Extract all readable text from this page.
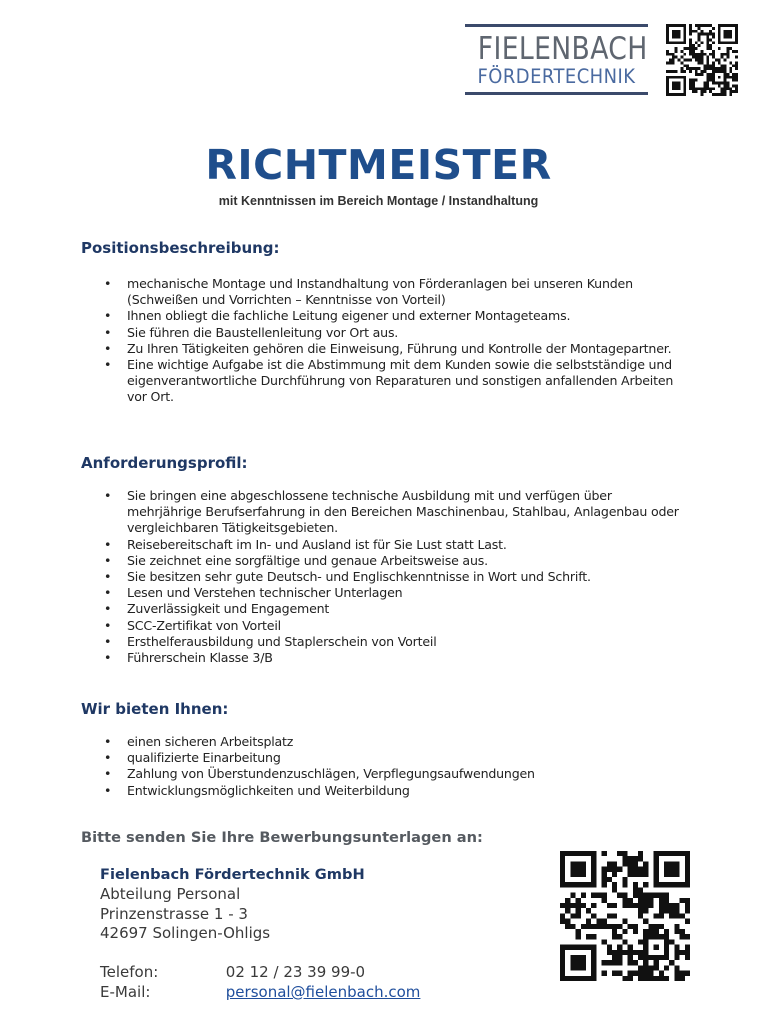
FIELENBACH
FÖRDERTECHNIK
RICHTMEISTER
mit Kenntnissen im Bereich Montage / Instandhaltung
Positionsbeschreibung:
• mechanische Montage und Instandhaltung von Förderanlagen bei unseren Kunden (Schweißen und Vorrichten – Kenntnisse von Vorteil)
• Ihnen obliegt die fachliche Leitung eigener und externer Montageteams.
• Sie führen die Baustellenleitung vor Ort aus.
• Zu Ihren Tätigkeiten gehören die Einweisung, Führung und Kontrolle der Montagepartner.
• Eine wichtige Aufgabe ist die Abstimmung mit dem Kunden sowie die selbstständige und eigenverantwortliche Durchführung von Reparaturen und sonstigen anfallenden Arbeiten vor Ort.
Anforderungsprofil:
• Sie bringen eine abgeschlossene technische Ausbildung mit und verfügen über mehrjährige Berufserfahrung in den Bereichen Maschinenbau, Stahlbau, Anlagenbau oder vergleichbaren Tätigkeitsgebieten.
• Reisebereitschaft im In- und Ausland ist für Sie Lust statt Last.
• Sie zeichnet eine sorgfältige und genaue Arbeitsweise aus.
• Sie besitzen sehr gute Deutsch- und Englischkenntnisse in Wort und Schrift.
• Lesen und Verstehen technischer Unterlagen
• Zuverlässigkeit und Engagement
• SCC-Zertifikat von Vorteil
• Ersthelferausbildung und Staplerschein von Vorteil
• Führerschein Klasse 3/B
Wir bieten Ihnen:
• einen sicheren Arbeitsplatz
• qualifizierte Einarbeitung
• Zahlung von Überstundenzuschlägen, Verpflegungsaufwendungen
• Entwicklungsmöglichkeiten und Weiterbildung
Bitte senden Sie Ihre Bewerbungsunterlagen an:
Fielenbach Fördertechnik GmbH
Abteilung Personal
Prinzenstrasse 1 - 3
42697 Solingen-Ohligs
Telefon:	02 12 / 23 39 99-0
E-Mail:	personal@fielenbach.com
